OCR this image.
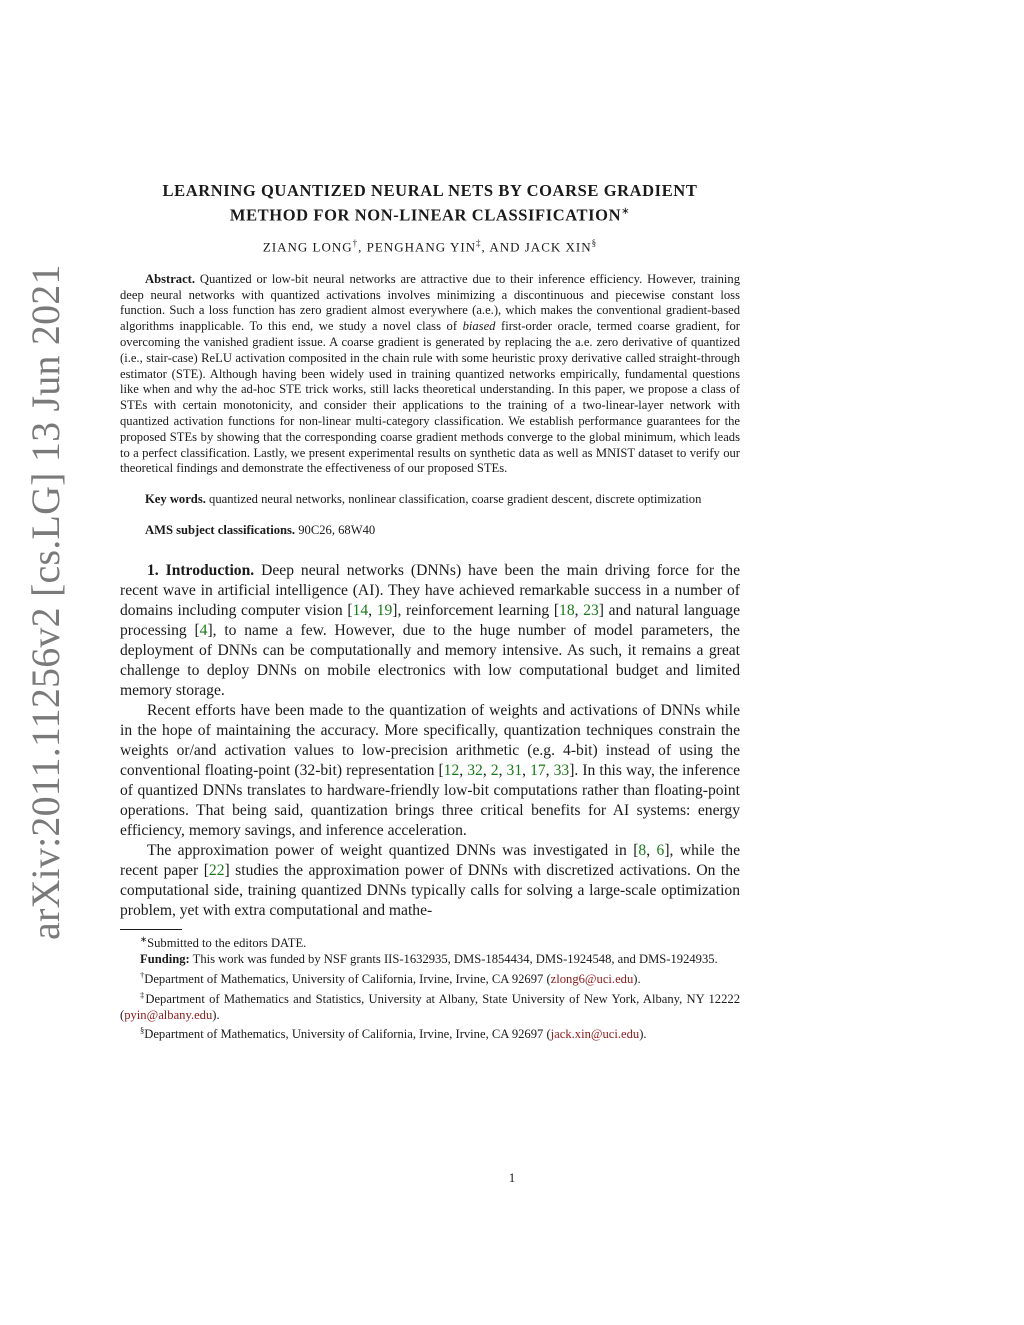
arXiv:2011.11256v2 [cs.LG] 13 Jun 2021
LEARNING QUANTIZED NEURAL NETS BY COARSE GRADIENT
METHOD FOR NON-LINEAR CLASSIFICATION∗
ZIANG LONG†, PENGHANG YIN‡, AND JACK XIN§

Abstract. Quantized or low-bit neural networks are attractive due to their inference efficiency. However, training deep neural networks with quantized activations involves minimizing a discontinuous and piecewise constant loss function. Such a loss function has zero gradient almost everywhere (a.e.), which makes the conventional gradient-based algorithms inapplicable. To this end, we study a novel class of biased first-order oracle, termed coarse gradient, for overcoming the vanished gradient issue. A coarse gradient is generated by replacing the a.e. zero derivative of quantized (i.e., stair-case) ReLU activation composited in the chain rule with some heuristic proxy derivative called straight-through estimator (STE). Although having been widely used in training quantized networks empirically, fundamental questions like when and why the ad-hoc STE trick works, still lacks theoretical understanding. In this paper, we propose a class of STEs with certain monotonicity, and consider their applications to the training of a two-linear-layer network with quantized activation functions for non-linear multi-category classification. We establish performance guarantees for the proposed STEs by showing that the corresponding coarse gradient methods converge to the global minimum, which leads to a perfect classification. Lastly, we present experimental results on synthetic data as well as MNIST dataset to verify our theoretical findings and demonstrate the effectiveness of our proposed STEs.

Key words. quantized neural networks, nonlinear classification, coarse gradient descent, discrete optimization

AMS subject classifications. 90C26, 68W40

1. Introduction. Deep neural networks (DNNs) have been the main driving force for the recent wave in artificial intelligence (AI). They have achieved remarkable success in a number of domains including computer vision [14, 19], reinforcement learning [18, 23] and natural language processing [4], to name a few. However, due to the huge number of model parameters, the deployment of DNNs can be computationally and memory intensive. As such, it remains a great challenge to deploy DNNs on mobile electronics with low computational budget and limited memory storage.

Recent efforts have been made to the quantization of weights and activations of DNNs while in the hope of maintaining the accuracy. More specifically, quantization techniques constrain the weights or/and activation values to low-precision arithmetic (e.g. 4-bit) instead of using the conventional floating-point (32-bit) representation [12, 32, 2, 31, 17, 33]. In this way, the inference of quantized DNNs translates to hardware-friendly low-bit computations rather than floating-point operations. That being said, quantization brings three critical benefits for AI systems: energy efficiency, memory savings, and inference acceleration.

The approximation power of weight quantized DNNs was investigated in [8, 6], while the recent paper [22] studies the approximation power of DNNs with discretized activations. On the computational side, training quantized DNNs typically calls for solving a large-scale optimization problem, yet with extra computational and mathe-

∗Submitted to the editors DATE.

Funding: This work was funded by NSF grants IIS-1632935, DMS-1854434, DMS-1924548, and DMS-1924935.

†Department of Mathematics, University of California, Irvine, Irvine, CA 92697 (zlong6@uci.edu).

‡Department of Mathematics and Statistics, University at Albany, State University of New York, Albany, NY 12222 (pyin@albany.edu).

§Department of Mathematics, University of California, Irvine, Irvine, CA 92697 (jack.xin@uci.edu).

1
